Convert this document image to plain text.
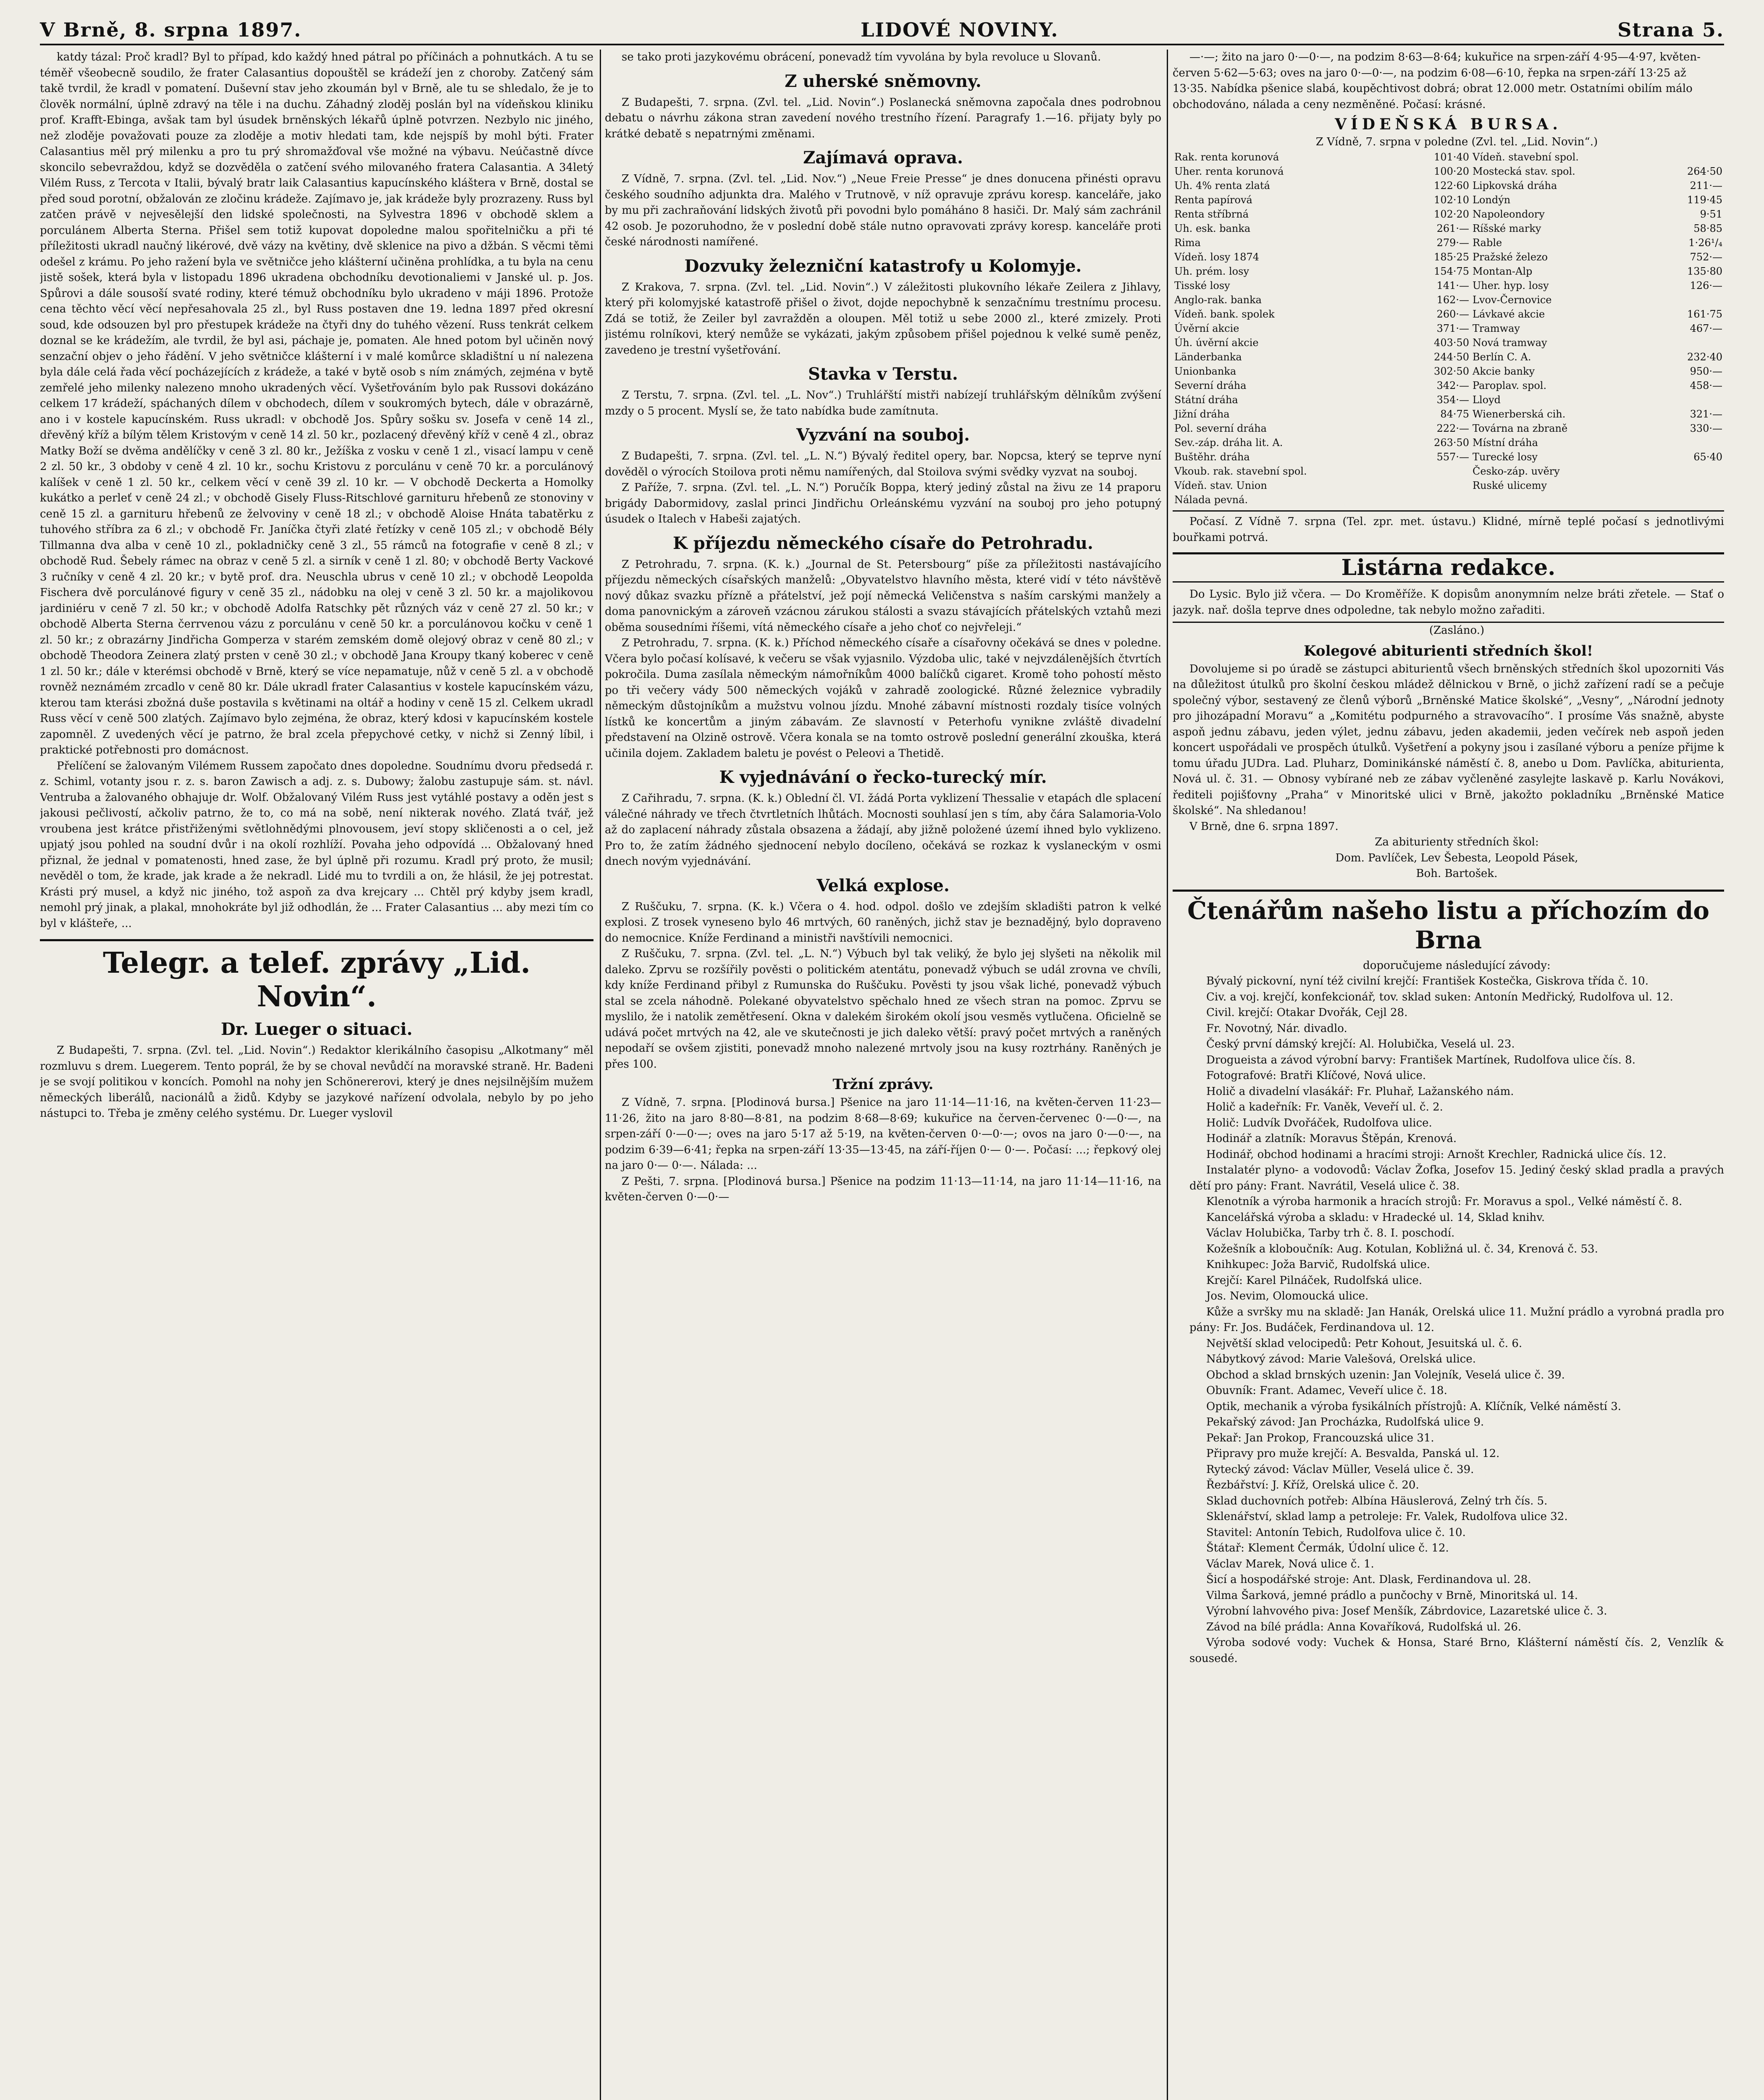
V Brně, 8. srpna 1897.	LIDOVÉ NOVINY.	Strana 5.

katdy tázal: Proč kradl? Byl to případ, kdo každý hned pátral po příčinách a pohnutkách. A tu se téměř všeobecně soudilo, že frater Calasantius dopouštěl se krádeží jen z choroby. Zatčený sám takě tvrdil, že kradl v pomatení. Duševní stav jeho zkoumán byl v Brně, ale tu se shledalo, že je to člověk normální, úplně zdravý na těle i na duchu. Záhadný zloděj poslán byl na vídeňskou kliniku prof. Krafft-Ebinga, avšak tam byl úsudek brněnských lékařů úplně potvrzen. Nezbylo nic jiného, než zloděje považovati pouze za zloděje a motiv hledati tam, kde nejspíš by mohl býti. Frater Calasantius měl prý milenku a pro tu prý shromažďoval vše možné na výbavu. Neúčastně dívce skoncilo sebevraždou, když se dozvěděla o zatčení svého milovaného fratera Calasantia. A 34letý Vilém Russ, z Tercota v Italii, bývalý bratr laik Calasantius kapucínského kláštera v Brně, dostal se před soud porotní, obžalován ze zločinu krádeže. Zajímavo je, jak krádeže byly prozrazeny. Russ byl zatčen právě v nejvesělejší den lidské společnosti, na Sylvestra 1896 v obchodě sklem a porculánem Alberta Sterna. Přišel sem totiž kupovat dopoledne malou spořitelničku a při té příležitosti ukradl naučný likérové, dvě vázy na květiny, dvě sklenice na pivo a džbán. S věcmi těmi odešel z krámu. Po jeho ražení byla ve světničce jeho klášterní učiněna prohlídka, a tu byla na cenu jistě sošek, která byla v listopadu 1896 ukradena obchodníku devotionaliemi v Janské ul. p. Jos. Spůrovi a dále sousoší svaté rodiny, které témuž obchodníku bylo ukradeno v máji 1896. Protože cena těchto věcí věcí nepřesahovala 25 zl., byl Russ postaven dne 19. ledna 1897 před okresní soud, kde odsouzen byl pro přestupek krádeže na čtyři dny do tuhého vězení. Russ tenkrát celkem doznal se ke krádežím, ale tvrdil, že byl asi, páchaje je, pomaten. Ale hned potom byl učiněn nový senzační objev o jeho řádění. V jeho světničce klášterní i v malé komůrce skladištní u ní nalezena byla dále celá řada věcí pocházejících z krádeže, a také v bytě osob s ním známých, zejména v bytě zemřelé jeho milenky nalezeno mnoho ukradených věcí. Vyšetřováním bylo pak Russovi dokázáno celkem 17 krádeží, spáchaných dílem v obchodech, dílem v soukromých bytech, dále v obrazárně, ano i v kostele kapucínském. Russ ukradl: v obchodě Jos. Spůry sošku sv. Josefa v ceně 14 zl., dřevěný kříž a bílým tělem Kristovým v ceně 14 zl. 50 kr., pozlacený dřevěný kříž v ceně 4 zl., obraz Matky Boží se dvěma andělíčky v ceně 3 zl. 80 kr., Ježíška z vosku v ceně 1 zl., visací lampu v ceně 2 zl. 50 kr., 3 obdoby v ceně 4 zl. 10 kr., sochu Kristovu z porculánu v ceně 70 kr. a porculánový kalíšek v ceně 1 zl. 50 kr., celkem věcí v ceně 39 zl. 10 kr. — V obchodě Deckerta a Homolky kukátko a perleť v ceně 24 zl.; v obchodě Gisely Fluss-Ritschlové garnituru hřebenů ze stonoviny v ceně 15 zl. a garnituru hřebenů ze želvoviny v ceně 18 zl.; v obchodě Aloise Hnáta tabatěrku z tuhového stříbra za 6 zl.; v obchodě Fr. Janíčka čtyři zlaté řetízky v ceně 105 zl.; v obchodě Bély Tillmanna dva alba v ceně 10 zl., pokladničky ceně 3 zl., 55 rámců na fotografie v ceně 8 zl.; v obchodě Rud. Šebely rámec na obraz v ceně 5 zl. a sirník v ceně 1 zl. 80; v obchodě Berty Vackové 3 ručníky v ceně 4 zl. 20 kr.; v bytě prof. dra. Neuschla ubrus v ceně 10 zl.; v obchodě Leopolda Fischera dvě porculánové figury v ceně 35 zl., nádobku na olej v ceně 3 zl. 50 kr. a majolikovou jardiniéru v ceně 7 zl. 50 kr.; v obchodě Adolfa Ratschky pět různých váz v ceně 27 zl. 50 kr.; v obchodě Alberta Sterna čerrvenou vázu z porculánu v ceně 50 kr. a porculánovou kočku v ceně 1 zl. 50 kr.; z obrazárny Jindřicha Gomperza v starém zemském domě olejový obraz v ceně 80 zl.; v obchodě Theodora Zeinera zlatý prsten v ceně 30 zl.; v obchodě Jana Kroupy tkaný koberec v ceně 1 zl. 50 kr.; dále v kterémsi obchodě v Brně, který se více nepamatuje, nůž v ceně 5 zl. a v obchodě rovněž neznámém zrcadlo v ceně 80 kr. Dále ukradl frater Calasantius v kostele kapucínském vázu, kterou tam kterási zbožná duše postavila s květinami na oltář a hodiny v ceně 15 zl. Celkem ukradl Russ věcí v ceně 500 zlatých. Zajímavo bylo zejména, že obraz, který kdosi v kapucínském kostele zapomněl. Z uvedených věcí je patrno, že bral zcela přepychové cetky, v nichž si Zenný líbil, i praktické potřebnosti pro domácnost.

Přelíčení se žalovaným Vilémem Russem započato dnes dopoledne. Soudnímu dvoru předsedá r. z. Schiml, votanty jsou r. z. s. baron Zawisch a adj. z. s. Dubowy; žalobu zastupuje sám. st. návl. Ventruba a žalovaného obhajuje dr. Wolf. Obžalovaný Vilém Russ jest vytáhlé postavy a oděn jest s jakousi pečlivostí, ačkoliv patrno, že to, co má na sobě, není nikterak nového. Zlatá tvář, jež vroubena jest krátce přistřiženými světlohnědými plnovousem, jeví stopy skličenosti a o cel, jež upjatý jsou pohled na soudní dvůr i na okolí rozhlíží. Povaha jeho odpovídá ... Obžalovaný hned přiznal, že jednal v pomatenosti, hned zase, že byl úplně při rozumu. Kradl prý proto, že musil; nevěděl o tom, že krade, jak krade a že nekradl. Lidé mu to tvrdili a on, že hlásil, že jej potrestat. Krásti prý musel, a když nic jiného, tož aspoň za dva krejcary ... Chtěl prý kdyby jsem kradl, nemohl prý jinak, a plakal, mnohokráte byl již odhodlán, že ... Frater Calasantius ... aby mezi tím co byl v klášteře, ...

Telegr. a telef. zprávy „Lid. Novin“.
Dr. Lueger o situaci.

Z Budapešti, 7. srpna. (Zvl. tel. „Lid. Novin“.) Redaktor klerikálního časopisu „Alkotmany“ měl rozmluvu s drem. Luegerem. Tento poprál, že by se choval nevůdčí na moravské straně. Hr. Badeni je se svojí politikou v koncích. Pomohl na nohy jen Schönererovi, který je dnes nejsilnějším mužem německých liberálů, nacionálů a židů. Kdyby se jazykové nařízení odvolala, nebylo by po jeho nástupci to. Třeba je změny celého systému. Dr. Lueger vyslovil

se tako proti jazykovému obrácení, ponevadž tím vyvolána by byla revoluce u Slovanů.

Z uherské sněmovny.

Z Budapešti, 7. srpna. (Zvl. tel. „Lid. Novin“.) Poslanecká sněmovna započala dnes podrobnou debatu o návrhu zákona stran zavedení nového trestního řízení. Paragrafy 1.—16. přijaty byly po krátké debatě s nepatrnými změnami.

Zajímavá oprava.

Z Vídně, 7. srpna. (Zvl. tel. „Lid. Nov.“) „Neue Freie Presse“ je dnes donucena přinésti opravu českého soudního adjunkta dra. Malého v Trutnově, v níž opravuje zprávu koresp. kanceláře, jako by mu při zachraňování lidských životů při povodni bylo pomáháno 8 hasiči. Dr. Malý sám zachránil 42 osob. Je pozoruhodno, že v poslední době stále nutno opravovati zprávy koresp. kanceláře proti české národnosti namířené.

Dozvuky železniční katastrofy u Kolomyje.

Z Krakova, 7. srpna. (Zvl. tel. „Lid. Novin“.) V záležitosti plukovního lékaře Zeilera z Jihlavy, který při kolomyjské katastrofě přišel o život, dojde nepochybně k senzačnímu trestnímu procesu. Zdá se totiž, že Zeiler byl zavražděn a oloupen. Měl totiž u sebe 2000 zl., které zmizely. Proti jistému rolníkovi, který nemůže se vykázati, jakým způsobem přišel pojednou k velké sumě peněz, zavedeno je trestní vyšetřování.

Stavka v Terstu.

Z Terstu, 7. srpna. (Zvl. tel. „L. Nov“.) Truhlářští mistři nabízejí truhlářským dělníkům zvýšení mzdy o 5 procent. Myslí se, že tato nabídka bude zamítnuta.

Vyzvání na souboj.

Z Budapešti, 7. srpna. (Zvl. tel. „L. N.“) Bývalý ředitel opery, bar. Nopcsa, který se teprve nyní dověděl o výrocích Stoilova proti němu namířených, dal Stoilova svými svědky vyzvat na souboj.

Z Paříže, 7. srpna. (Zvl. tel. „L. N.“) Poručík Boppa, který jediný zůstal na živu ze 14 praporu brigády Dabormidovy, zaslal princi Jindřichu Orleánskému vyzvání na souboj pro jeho potupný úsudek o Italech v Habeši zajatých.

K příjezdu německého císaře do Petrohradu.

Z Petrohradu, 7. srpna. (K. k.) „Journal de St. Petersbourg“ píše za příležitosti nastávajícího příjezdu německých císařských manželů: „Obyvatelstvo hlavního města, které vidí v této návštěvě nový důkaz svazku přízně a přátelství, jež pojí německá Veličenstva s naším carskými manžely a doma panovnickým a zároveň vzácnou zárukou stálosti a svazu stávajících přátelských vztahů mezi oběma sousedními říšemi, vítá německého císaře a jeho choť co nejvřeleji.“

Z Petrohradu, 7. srpna. (K. k.) Příchod německého císaře a císařovny očekává se dnes v poledne. Včera bylo počasí kolísavé, k večeru se však vyjasnilo. Výzdoba ulic, také v nejvzdálenějších čtvrtích pokročila. Duma zasílala německým námořníkům 4000 balíčků cigaret. Kromě toho pohostí město po tři večery vády 500 německých vojáků v zahradě zoologické. Různé železnice vybradily německým důstojníkům a mužstvu volnou jízdu. Mnohé zábavní místnosti rozdaly tisíce volných lístků ke koncertům a jiným zábavám. Ze slavností v Peterhofu vynikne zvláště divadelní představení na Olzině ostrově. Včera konala se na tomto ostrově poslední generální zkouška, která učinila dojem. Zakladem baletu je povést o Peleovi a Thetidě.

K vyjednávání o řecko-turecký mír.

Z Cařihradu, 7. srpna. (K. k.) Oblední čl. VI. žádá Porta vyklizení Thessalie v etapách dle splacení válečné náhrady ve třech čtvrtletních lhůtách. Mocnosti souhlasí jen s tím, aby čára Salamoria-Volo až do zaplacení náhrady zůstala obsazena a žádají, aby jižně položené území ihned bylo vyklizeno. Pro to, že zatím žádného sjednocení nebylo docíleno, očekává se rozkaz k vyslaneckým v osmi dnech novým vyjednávání.

Velká explose.

Z Ruščuku, 7. srpna. (K. k.) Včera o 4. hod. odpol. došlo ve zdejším skladišti patron k velké explosi. Z trosek vyneseno bylo 46 mrtvých, 60 raněných, jichž stav je beznadějný, bylo dopraveno do nemocnice. Kníže Ferdinand a ministři navštívili nemocnici.

Z Ruščuku, 7. srpna. (Zvl. tel. „L. N.“) Výbuch byl tak veliký, že bylo jej slyšeti na několik mil daleko. Zprvu se rozšířily pověsti o politickém atentátu, ponevadž výbuch se udál zrovna ve chvíli, kdy kníže Ferdinand přibyl z Rumunska do Ruščuku. Pověsti ty jsou však liché, ponevadž výbuch stal se zcela náhodně. Polekané obyvatelstvo spěchalo hned ze všech stran na pomoc. Zprvu se myslilo, že i natolik zemětřesení. Okna v dalekém širokém okolí jsou vesměs vytlučena. Oficielně se udává počet mrtvých na 42, ale ve skutečnosti je jich daleko větší: pravý počet mrtvých a raněných nepodaří se ovšem zjistiti, ponevadž mnoho nalezené mrtvoly jsou na kusy roztrhány. Raněných je přes 100.

Tržní zprávy.

Z Vídně, 7. srpna. [Plodinová bursa.] Pšenice na jaro 11·14—11·16, na květen-červen 11·23—11·26, žito na jaro 8·80—8·81, na podzim 8·68—8·69; kukuřice na červen-červenec 0·—0·—, na srpen-září 0·—0·—; oves na jaro 5·17 až 5·19, na květen-červen 0·—0·—; ovos na jaro 0·—0·—, na podzim 6·39—6·41; řepka na srpen-září 13·35—13·45, na září-říjen 0·— 0·—. Počasí: ...; řepkový olej na jaro 0·— 0·—. Nálada: ...

Z Pešti, 7. srpna. [Plodinová bursa.] Pšenice na podzim 11·13—11·14, na jaro 11·14—11·16, na květen-červen 0·—0·—

—·—; žito na jaro 0·—0·—, na podzim 8·63—8·64; kukuřice na srpen-září 4·95—4·97, květen-červen 5·62—5·63; oves na jaro 0·—0·—, na podzim 6·08—6·10, řepka na srpen-září 13·25 až 13·35. Nabídka pšenice slabá, koupěchtivost dobrá; obrat 12.000 metr. Ostatními obilím málo obchodováno, nálada a ceny nezměněné. Počasí: krásné.

VÍDEŇSKÁ BURSA.

Z Vídně, 7. srpna v poledne (Zvl. tel. „Lid. Novin“.)

Rak. renta korunová	101·40	Vídeň. stavební spol.	
Uher. renta korunová	100·20	Mostecká stav. spol.	264·50
Uh. 4% renta zlatá	122·60	Lipkovská dráha	211·—
Renta papírová	102·10	Londýn	119·45
Renta stříbrná	102·20	Napoleondory	9·51
Uh. esk. banka	261·—	Ríšské marky	58·85
Rima	279·—	Rable	1·26¹/₄
Vídeň. losy 1874	185·25	Pražské železo	752·—
Uh. prém. losy	154·75	Montan-Alp	135·80
Tisské losy	141·—	Uher. hyp. losy	126·—
Anglo-rak. banka	162·—	Lvov-Černovice	
Vídeň. bank. spolek	260·—	Lávkavé akcie	161·75
Úvěrní akcie	371·—	Tramway	467·—
Úh. úvěrní akcie	403·50	Nová tramway	
Länderbanka	244·50	Berlín C. A.	232·40
Unionbanka	302·50	Akcie banky	950·—
Severní dráha	342·—	Paroplav. spol.	458·—
Státní dráha	354·—	Lloyd	
Jižní dráha	84·75	Wienerberská cih.	321·—
Pol. severní dráha	222·—	Továrna na zbraně	330·—
Sev.-záp. dráha lit. A.	263·50	Místní dráha	
Buštěhr. dráha	557·—	Turecké losy	65·40
Vkoub. rak. stavební spol.		Česko-záp. uvěry	
Vídeň. stav. Union		Ruské ulicemy	
Nálada pevná.			

Počasí. Z Vídně 7. srpna (Tel. zpr. met. ústavu.) Klidné, mírně teplé počasí s jednotlivými bouřkami potrvá.

Listárna redakce.

Do Lysic. Bylo již včera. — Do Kroměříže. K dopisům anonymním nelze bráti zřetele. — Stať o jazyk. nař. došla teprve dnes odpoledne, tak nebylo možno zařaditi.

(Zasláno.)

Kolegové abiturienti středních škol!

Dovolujeme si po úradě se zástupci abiturientů všech brněnských středních škol upozorniti Vás na důležitost útulků pro školní českou mládež dělnickou v Brně, o jichž zařízení radí se a pečuje společný výbor, sestavený ze členů výborů „Brněnské Matice školské“, „Vesny“, „Národní jednoty pro jihozápadní Moravu“ a „Komitétu podpurného a stravovacího“. I prosíme Vás snažně, abyste aspoň jednu zábavu, jeden výlet, jednu zábavu, jeden akademii, jeden večírek neb aspoň jeden koncert uspořádali ve prospěch útulků. Vyšetření a pokyny jsou i zasílané výboru a peníze přijme k tomu úřadu JUDra. Lad. Pluharz, Dominikánské náměstí č. 8, anebo u Dom. Pavlíčka, abiturienta, Nová ul. č. 31. — Obnosy vybírané neb ze zábav vyčleněné zasylejte laskavě p. Karlu Novákovi, řediteli pojišťovny „Praha“ v Minoritské ulici v Brně, jakožto pokladníku „Brněnské Matice školské“. Na shledanou!

V Brně, dne 6. srpna 1897.

Za abiturienty středních škol:

Dom. Pavlíček, Lev Šebesta, Leopold Pásek,

Boh. Bartošek.

Čtenářům našeho listu a příchozím do Brna

doporučujeme následující závody:

Bývalý pickovní, nyní též civilní krejčí: František Kostečka, Giskrova třída č. 10.

Civ. a voj. krejčí, konfekcionář, tov. sklad suken: Antonín Medřický, Rudolfova ul. 12.

Civil. krejčí: Otakar Dvořák, Cejl 28.

Fr. Novotný, Nár. divadlo.

Český první dámský krejčí: Al. Holubička, Veselá ul. 23.

Drogueista a závod výrobní barvy: František Martínek, Rudolfova ulice čís. 8.

Fotografové: Bratři Klíčové, Nová ulice.

Holič a divadelní vlasákář: Fr. Pluhař, Lažanského nám.

Holič a kadeřník: Fr. Vaněk, Veveří ul. č. 2.

Holič: Ludvík Dvořáček, Rudolfova ulice.

Hodinář a zlatník: Moravus Štěpán, Krenová.

Hodinář, obchod hodinami a hracími stroji: Arnošt Krechler, Radnická ulice čís. 12.

Instalatér plyno- a vodovodů: Václav Žofka, Josefov 15. Jediný český sklad pradla a pravých dětí pro pány: Frant. Navrátil, Veselá ulice č. 38.

Klenotník a výroba harmonik a hracích strojů: Fr. Moravus a spol., Velké náměstí č. 8.

Kancelářská výroba a skladu: v Hradecké ul. 14, Sklad knihv.

Václav Holubička, Tarby trh č. 8. I. poschodí.

Kožešník a kloboučník: Aug. Kotulan, Kobližná ul. č. 34, Krenová č. 53.

Knihkupec: Joža Barvič, Rudolfská ulice.

Krejčí: Karel Pilnáček, Rudolfská ulice.

Jos. Nevim, Olomoucká ulice.

Kůže a svršky mu na skladě: Jan Hanák, Orelská ulice 11. Mužní prádlo a vyrobná pradla pro pány: Fr. Jos. Budáček, Ferdinandova ul. 12.

Největší sklad velocipedů: Petr Kohout, Jesuitská ul. č. 6.

Nábytkový závod: Marie Valešová, Orelská ulice.

Obchod a sklad brnských uzenin: Jan Volejník, Veselá ulice č. 39.

Obuvník: Frant. Adamec, Veveří ulice č. 18.

Optik, mechanik a výroba fysikálních přístrojů: A. Klíčník, Velké náměstí 3.

Pekařský závod: Jan Procházka, Rudolfská ulice 9.

Pekař: Jan Prokop, Francouzská ulice 31.

Připravy pro muže krejčí: A. Besvalda, Panská ul. 12.

Rytecký závod: Václav Müller, Veselá ulice č. 39.

Řezbářství: J. Kříž, Orelská ulice č. 20.

Sklad duchovních potřeb: Albína Häuslerová, Zelný trh čís. 5.

Sklenářství, sklad lamp a petroleje: Fr. Valek, Rudolfova ulice 32.

Stavitel: Antonín Tebich, Rudolfova ulice č. 10.

Štátař: Klement Čermák, Údolní ulice č. 12.

Václav Marek, Nová ulice č. 1.

Šicí a hospodářské stroje: Ant. Dlask, Ferdinandova ul. 28.

Vilma Šarková, jemné prádlo a punčochy v Brně, Minoritská ul. 14.

Výrobní lahvového piva: Josef Menšík, Zábrdovice, Lazaretské ulice č. 3.

Závod na bílé prádla: Anna Kovaříková, Rudolfská ul. 26.

Výroba sodové vody: Vuchek & Honsa, Staré Brno, Klášterní náměstí čís. 2, Venzlík & sousedé.
